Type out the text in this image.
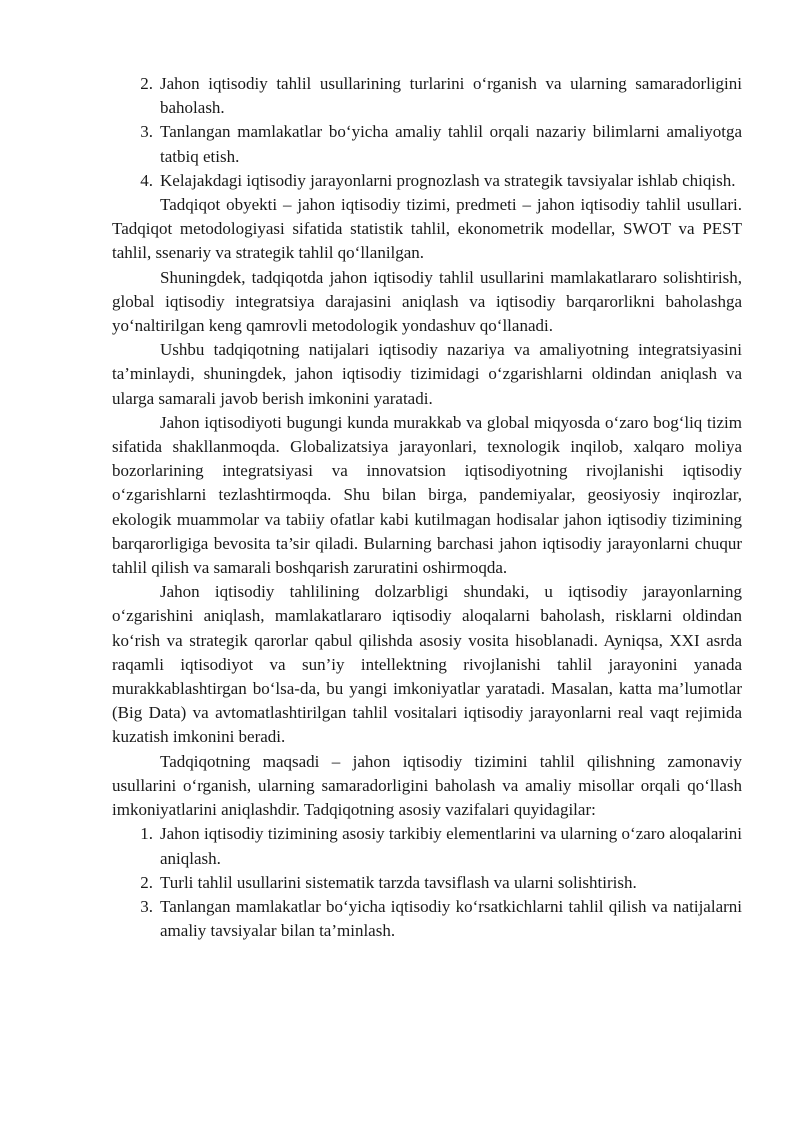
2. Jahon iqtisodiy tahlil usullarining turlarini o‘rganish va ularning samaradorligini baholash.
3. Tanlangan mamlakatlar bo‘yicha amaliy tahlil orqali nazariy bilimlarni amaliyotga tatbiq etish.
4. Kelajakdagi iqtisodiy jarayonlarni prognozlash va strategik tavsiyalar ishlab chiqish.

Tadqiqot obyekti – jahon iqtisodiy tizimi, predmeti – jahon iqtisodiy tahlil usullari. Tadqiqot metodologiyasi sifatida statistik tahlil, ekonometrik modellar, SWOT va PEST tahlil, ssenariy va strategik tahlil qo‘llanilgan.

Shuningdek, tadqiqotda jahon iqtisodiy tahlil usullarini mamlakatlararo solishtirish, global iqtisodiy integratsiya darajasini aniqlash va iqtisodiy barqarorlikni baholashga yo‘naltirilgan keng qamrovli metodologik yondashuv qo‘llanadi.

Ushbu tadqiqotning natijalari iqtisodiy nazariya va amaliyotning integratsiyasini ta’minlaydi, shuningdek, jahon iqtisodiy tizimidagi o‘zgarishlarni oldindan aniqlash va ularga samarali javob berish imkonini yaratadi.

Jahon iqtisodiyoti bugungi kunda murakkab va global miqyosda o‘zaro bog‘liq tizim sifatida shakllanmoqda. Globalizatsiya jarayonlari, texnologik inqilob, xalqaro moliya bozorlarining integratsiyasi va innovatsion iqtisodiyotning rivojlanishi iqtisodiy o‘zgarishlarni tezlashtirmoqda. Shu bilan birga, pandemiyalar, geosiyosiy inqirozlar, ekologik muammolar va tabiiy ofatlar kabi kutilmagan hodisalar jahon iqtisodiy tizimining barqarorligiga bevosita ta’sir qiladi. Bularning barchasi jahon iqtisodiy jarayonlarni chuqur tahlil qilish va samarali boshqarish zaruratini oshirmoqda.

Jahon iqtisodiy tahlilining dolzarbligi shundaki, u iqtisodiy jarayonlarning o‘zgarishini aniqlash, mamlakatlararo iqtisodiy aloqalarni baholash, risklarni oldindan ko‘rish va strategik qarorlar qabul qilishda asosiy vosita hisoblanadi. Ayniqsa, XXI asrda raqamli iqtisodiyot va sun’iy intellektning rivojlanishi tahlil jarayonini yanada murakkablashtirgan bo‘lsa-da, bu yangi imkoniyatlar yaratadi. Masalan, katta ma’lumotlar (Big Data) va avtomatlashtirilgan tahlil vositalari iqtisodiy jarayonlarni real vaqt rejimida kuzatish imkonini beradi.

Tadqiqotning maqsadi – jahon iqtisodiy tizimini tahlil qilishning zamonaviy usullarini o‘rganish, ularning samaradorligini baholash va amaliy misollar orqali qo‘llash imkoniyatlarini aniqlashdir. Tadqiqotning asosiy vazifalari quyidagilar:

1. Jahon iqtisodiy tizimining asosiy tarkibiy elementlarini va ularning o‘zaro aloqalarini aniqlash.
2. Turli tahlil usullarini sistematik tarzda tavsiflash va ularni solishtirish.
3. Tanlangan mamlakatlar bo‘yicha iqtisodiy ko‘rsatkichlarni tahlil qilish va natijalarni amaliy tavsiyalar bilan ta’minlash.
